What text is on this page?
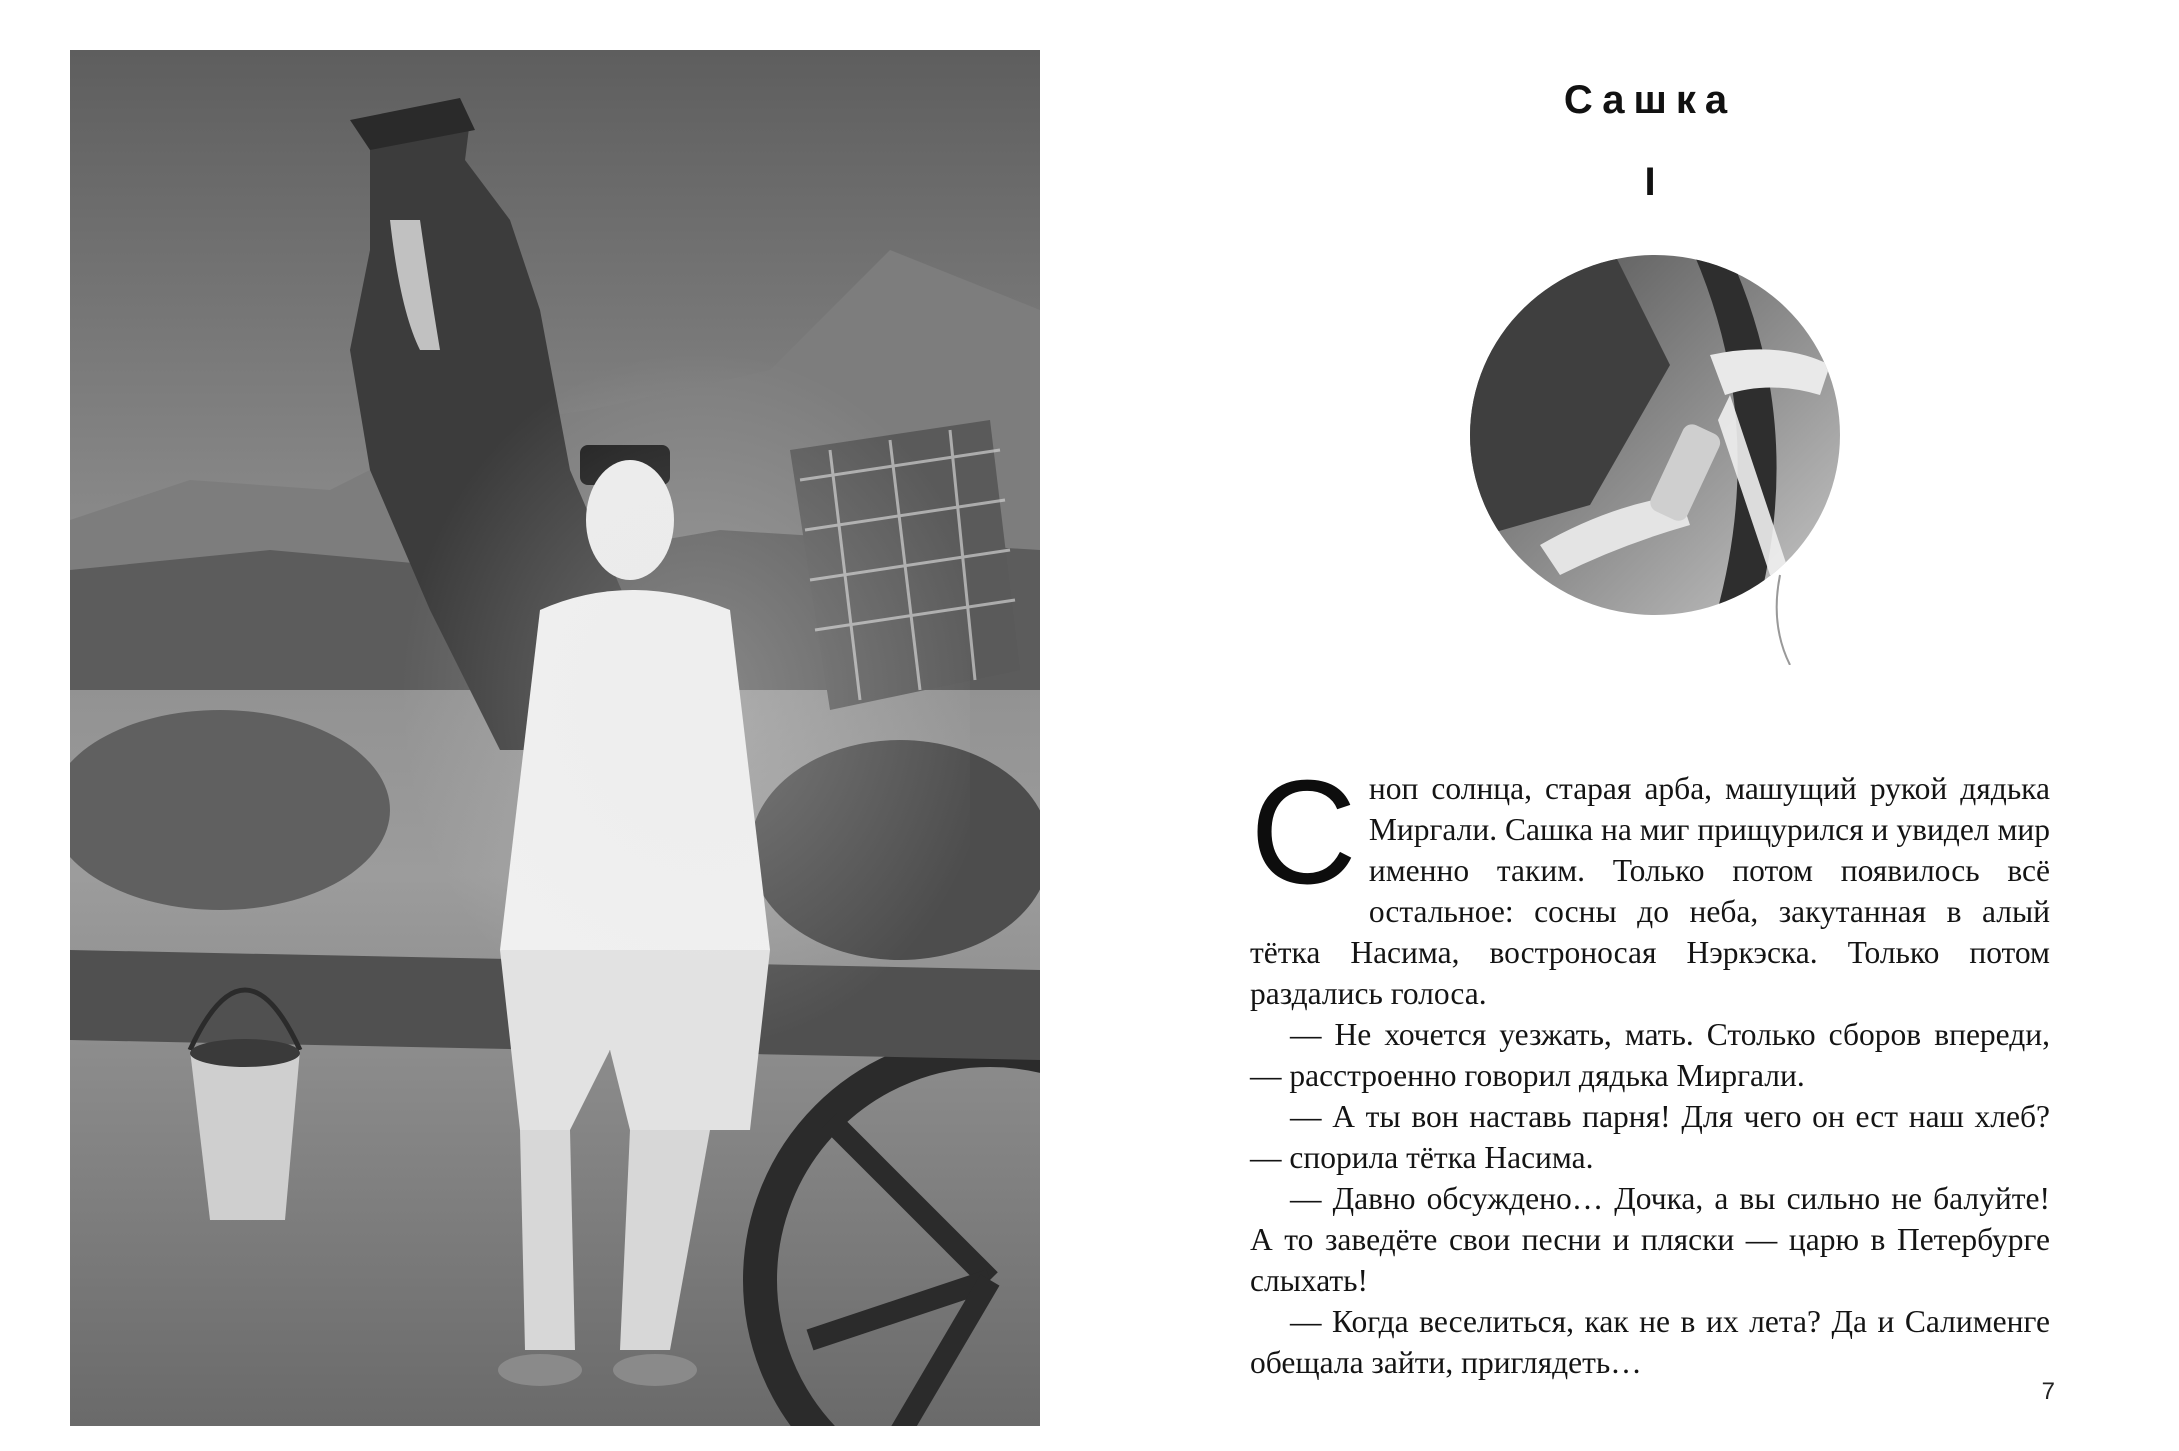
Сашка
I

Сноп солнца, старая арба, машущий рукой дядька Миргали. Сашка на миг прищурился и увидел мир именно таким. Только потом появилось всё остальное: сосны до неба, закутанная в алый тётка Насима, востроносая Нэркэска. Только потом раздались голоса.

— Не хочется уезжать, мать. Столько сборов впереди, — расстроенно говорил дядька Миргали.

— А ты вон наставь парня! Для чего он ест наш хлеб? — спорила тётка Насима.

— Давно обсуждено… Дочка, а вы сильно не балуйте! А то заведёте свои песни и пляски — царю в Петербурге слыхать!

— Когда веселиться, как не в их лета? Да и Салименге обещала зайти, приглядеть…

7
